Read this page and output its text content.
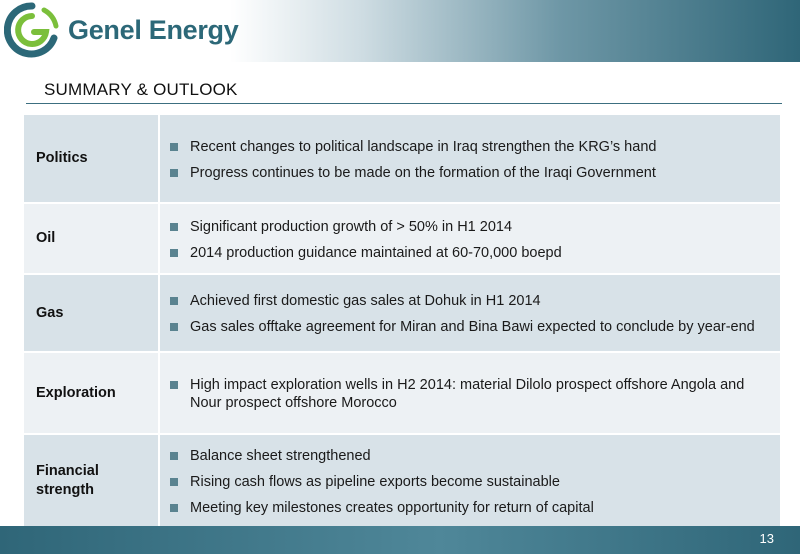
Genel Energy
SUMMARY & OUTLOOK
Politics
Recent changes to political landscape in Iraq strengthen the KRG’s hand
Progress continues to be made on the formation of the Iraqi Government
Oil
Significant production growth of > 50% in H1 2014
2014 production guidance maintained at 60-70,000 boepd
Gas
Achieved first domestic gas sales at Dohuk in H1 2014
Gas sales offtake agreement for Miran and Bina Bawi expected to conclude by year-end
Exploration	High impact exploration wells in H2 2014: material Dilolo prospect offshore Angola and Nour prospect offshore Morocco
Financial strength
Balance sheet strengthened
Rising cash flows as pipeline exports become sustainable
Meeting key milestones creates opportunity for return of capital
13
